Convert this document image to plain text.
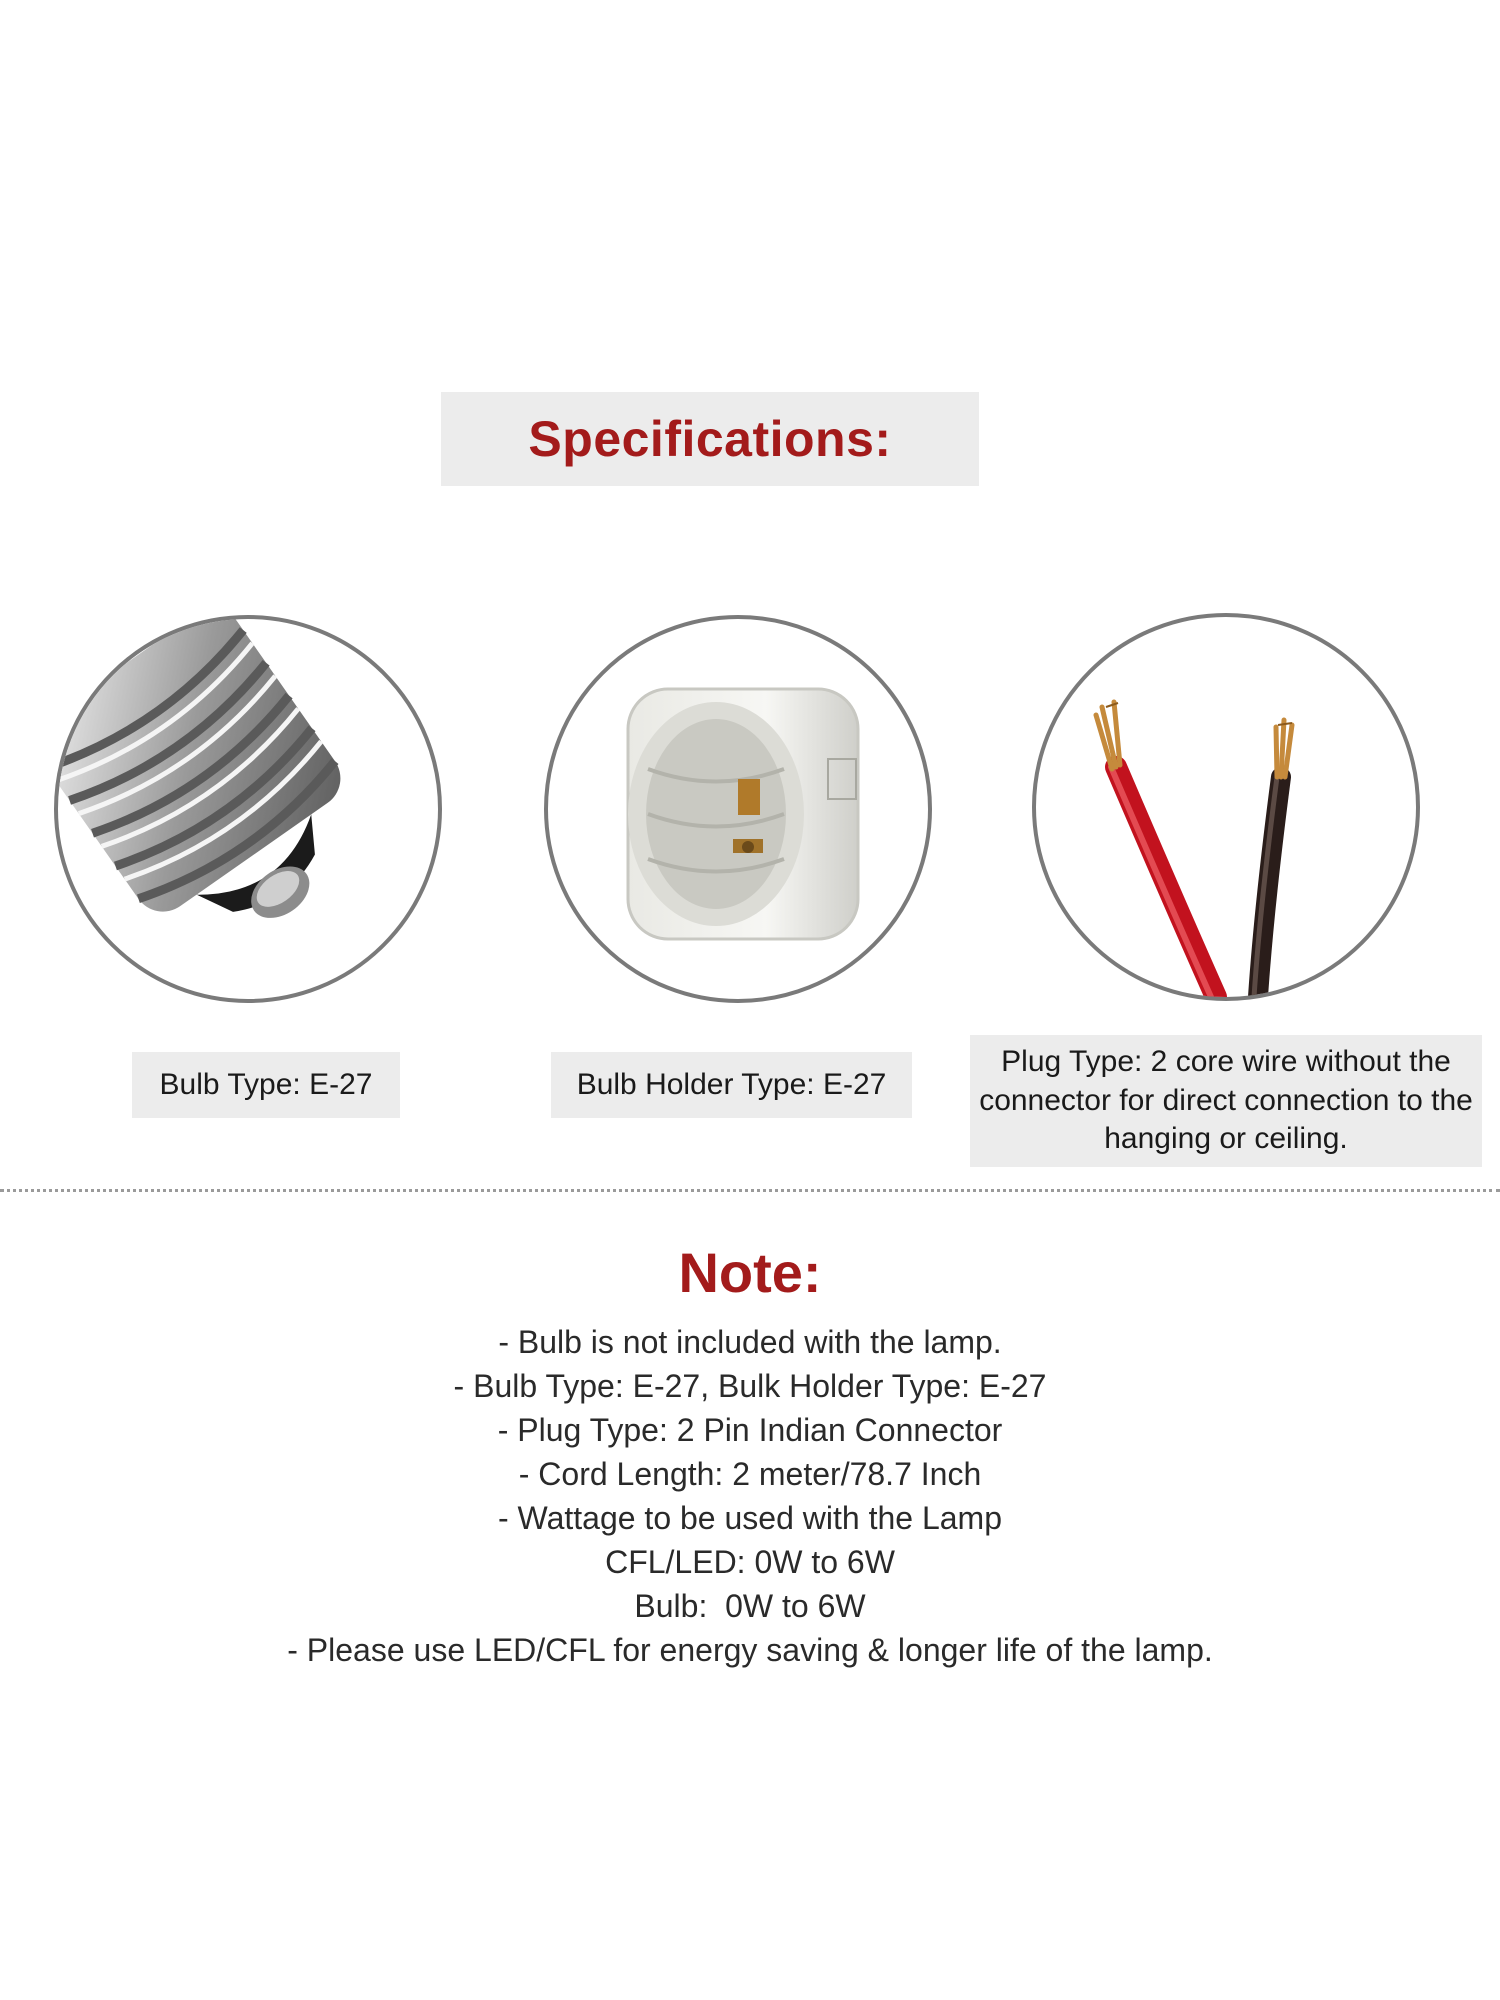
Specifications:
Bulb Type: E-27	Bulb Holder Type: E-27
Plug Type: 2 core wire without the connector for direct connection to the hanging or ceiling.
Note:
- Bulb is not included with the lamp.
- Bulb Type: E-27, Bulk Holder Type: E-27
- Plug Type: 2 Pin Indian Connector
- Cord Length: 2 meter/78.7 Inch
- Wattage to be used with the Lamp
CFL/LED: 0W to 6W
Bulb:  0W to 6W
- Please use LED/CFL for energy saving & longer life of the lamp.
